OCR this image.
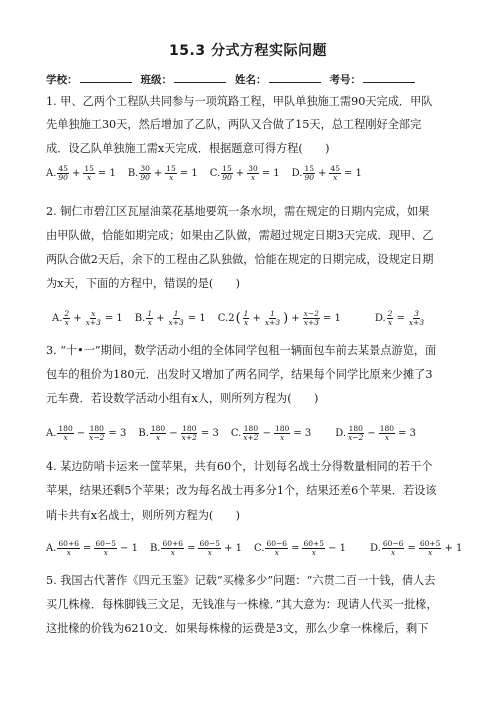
15.3 分式方程实际问题
学校：	班级：	姓名：	考号：
1. 甲、乙两个工程队共同参与一项筑路工程，甲队单独施工需90天完成．甲队
先单独施工30天，然后增加了乙队，两队又合做了15天，总工程刚好全部完
成．设乙队单独施工需x天完成．根据题意可得方程(　　)
A. $\frac{45}{90} + \frac{15}{x} = 1$ B. $\frac{30}{90} + \frac{15}{x} = 1$ C. $\frac{15}{90} + \frac{30}{x} = 1$ D. $\frac{15}{90} + \frac{45}{x} = 1$
2. 铜仁市碧江区瓦屋油菜花基地要筑一条水坝，需在规定的日期内完成，如果
由甲队做，恰能如期完成；如果由乙队做，需超过规定日期3天完成．现甲、乙
两队合做2天后，余下的工程由乙队独做，恰能在规定的日期完成，设规定日期
为x天，下面的方程中，错误的是(　　)
A. $\frac{2}{x} + \frac{x}{x+3} = 1$ B. $\frac{1}{x} + \frac{1}{x+3} = 1$ C. 2 ( $\frac{1}{x} + \frac{1}{x+3}$ ) + $\frac{x-2}{x+3} = 1$	D. $\frac{2}{x} = \frac{3}{x+3}$
3. “十•一”期间，数学活动小组的全体同学包租一辆面包车前去某景点游览，面
包车的租价为180元．出发时又增加了两名同学，结果每个同学比原来少摊了3
元车费．若设数学活动小组有x人，则所列方程为(　　)
A. $\frac{180}{x} - \frac{180}{x-2} = 3$ B. $\frac{180}{x} - \frac{180}{x+2} = 3$ C. $\frac{180}{x+2} - \frac{180}{x} = 3$ D. $\frac{180}{x-2} - \frac{180}{x} = 3$
4. 某边防哨卡运来一筐苹果，共有60个，计划每名战士分得数量相同的若干个
苹果，结果还剩5个苹果；改为每名战士再多分1个，结果还差6个苹果．若设该
哨卡共有x名战士，则所列方程为(　　)
A. $\frac{60+6}{x} = \frac{60-5}{x} - 1$ B. $\frac{60+6}{x} = \frac{60-5}{x} + 1$ C. $\frac{60-6}{x} = \frac{60+5}{x} - 1$ D. $\frac{60-6}{x} = \frac{60+5}{x} + 1$
5. 我国古代著作《四元玉鉴》记载“买椽多少”问题：“六贯二百一十钱，倩人去
买几株椽．每株脚钱三文足，无钱准与一株椽．”其大意为：现请人代买一批椽，
这批椽的价钱为6210文．如果每株椽的运费是3文，那么少拿一株椽后，剩下
